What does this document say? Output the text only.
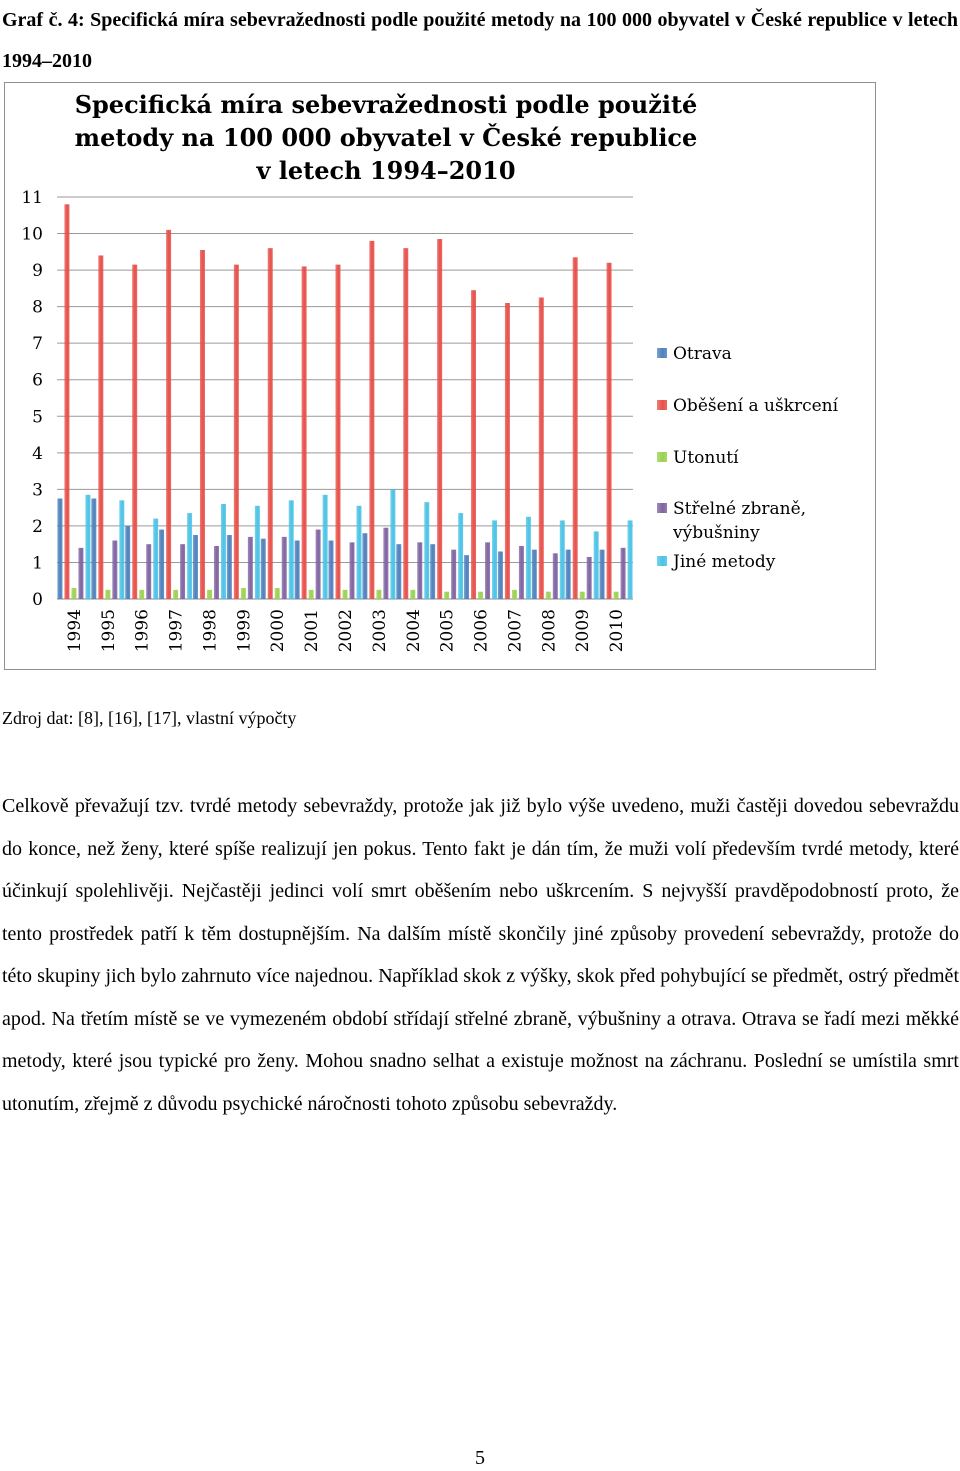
Graf č. 4: Specifická míra sebevražednosti podle použité metody na 100 000 obyvatel v České republice v letech 1994–2010
Specifická míra sebevražednosti podle použité
metody na 100 000 obyvatel v České republice
v letech 1994–2010
0
1
2
3
4
5
6
7
8
9
10
11
1994 1995 1996 1997 1998 1999 2000 2001 2002 2003 2004 2005 2006 2007 2008 2009 2010
Otrava
Oběšení a uškrcení
Utonutí
Střelné zbraně,
výbušniny
Jiné metody
Zdroj dat: [8], [16], [17], vlastní výpočty

Celkově převažují tzv. tvrdé metody sebevraždy, protože jak již bylo výše uvedeno, muži častěji dovedou sebevraždu do konce, než ženy, které spíše realizují jen pokus. Tento fakt je dán tím, že muži volí především tvrdé metody, které účinkují spolehlivěji. Nejčastěji jedinci volí smrt oběšením nebo uškrcením. S nejvyšší pravděpodobností proto, že tento prostředek patří k těm dostupnějším. Na dalším místě skončily jiné způsoby provedení sebevraždy, protože do této skupiny jich bylo zahrnuto více najednou. Například skok z výšky, skok před pohybující se předmět, ostrý předmět apod. Na třetím místě se ve vymezeném období střídají střelné zbraně, výbušniny a otrava. Otrava se řadí mezi měkké metody, které jsou typické pro ženy. Mohou snadno selhat a existuje možnost na záchranu. Poslední se umístila smrt utonutím, zřejmě z důvodu psychické náročnosti tohoto způsobu sebevraždy.

5
